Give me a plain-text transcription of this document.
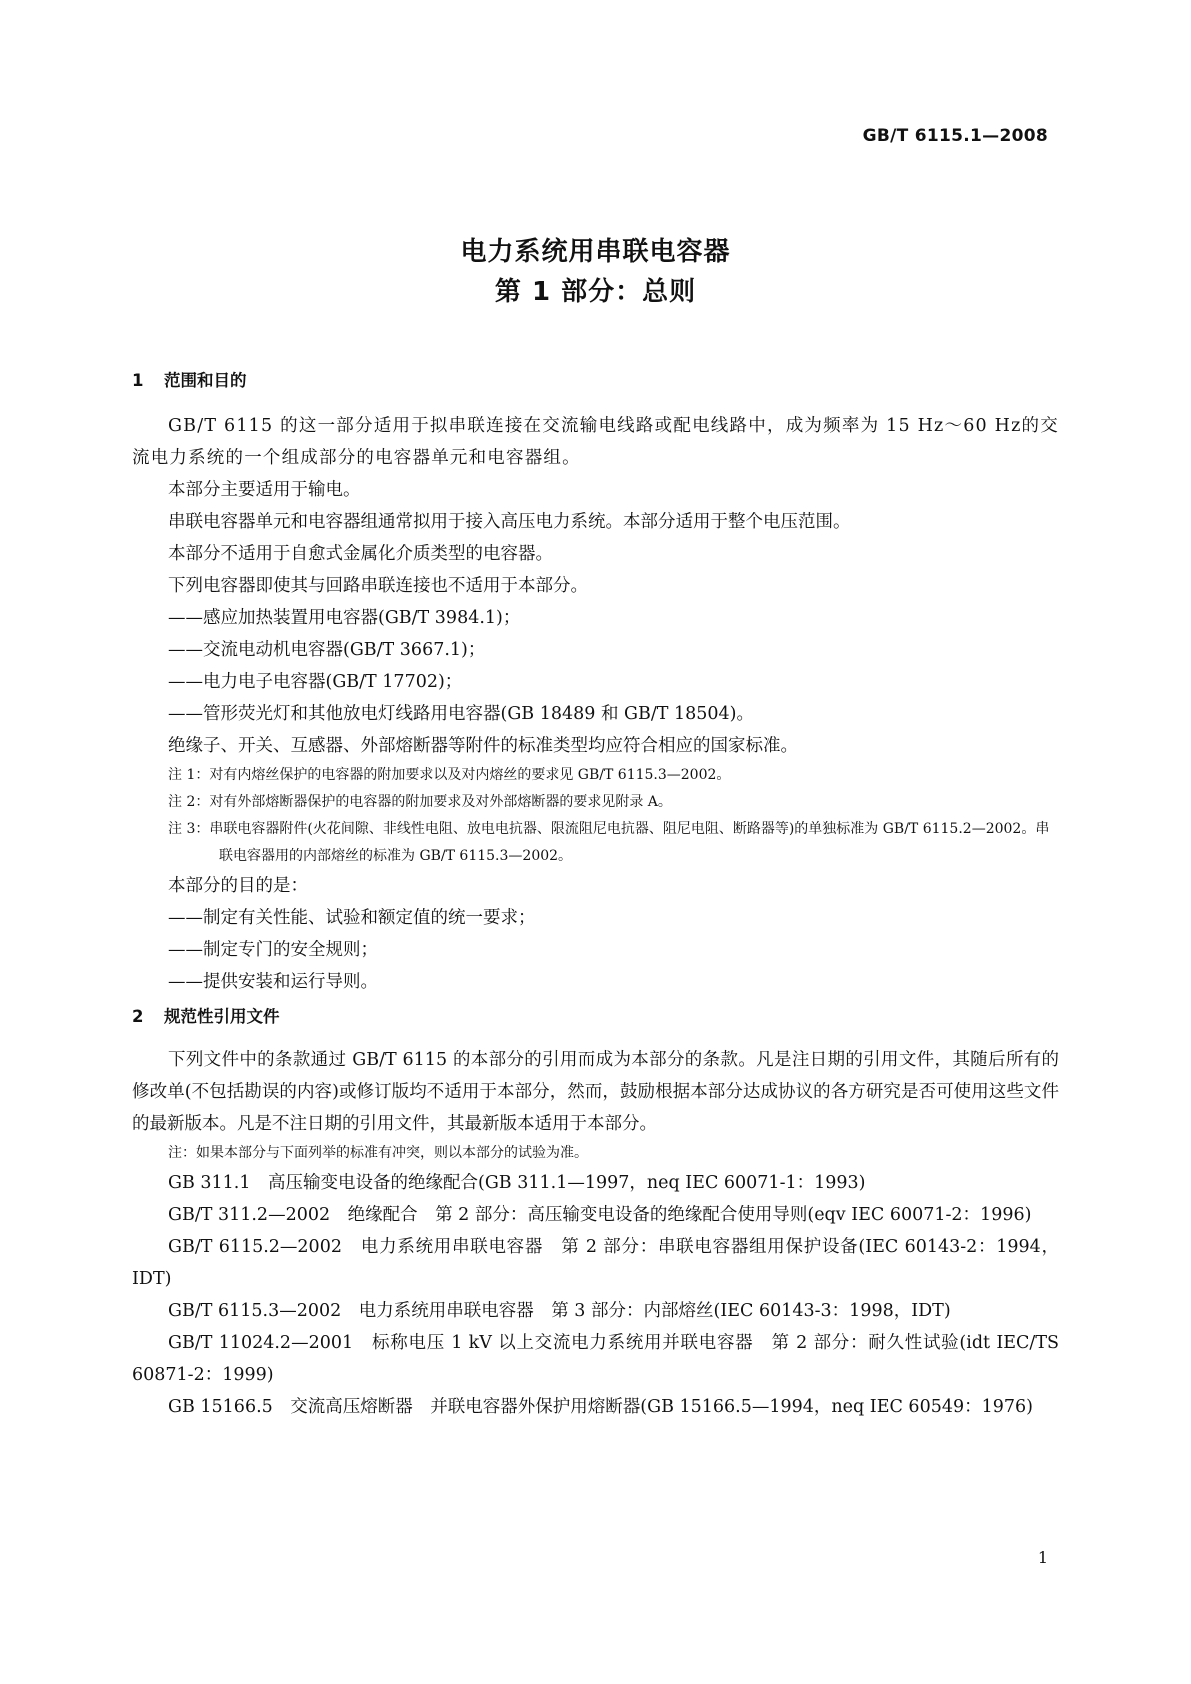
GB/T 6115.1—2008
电力系统用串联电容器
第 1 部分：总则
1 范围和目的

GB/T 6115 的这一部分适用于拟串联连接在交流输电线路或配电线路中，成为频率为 15 Hz～60 Hz的交流电力系统的一个组成部分的电容器单元和电容器组。

本部分主要适用于输电。

串联电容器单元和电容器组通常拟用于接入高压电力系统。本部分适用于整个电压范围。

本部分不适用于自愈式金属化介质类型的电容器。

下列电容器即使其与回路串联连接也不适用于本部分。

——感应加热装置用电容器(GB/T 3984.1)；

——交流电动机电容器(GB/T 3667.1)；

——电力电子电容器(GB/T 17702)；

——管形荧光灯和其他放电灯线路用电容器(GB 18489 和 GB/T 18504)。

绝缘子、开关、互感器、外部熔断器等附件的标准类型均应符合相应的国家标准。

注 1：对有内熔丝保护的电容器的附加要求以及对内熔丝的要求见 GB/T 6115.3—2002。

注 2：对有外部熔断器保护的电容器的附加要求及对外部熔断器的要求见附录 A。

注 3：串联电容器附件(火花间隙、非线性电阻、放电电抗器、限流阻尼电抗器、阻尼电阻、断路器等)的单独标准为 GB/T 6115.2—2002。串联电容器用的内部熔丝的标准为 GB/T 6115.3—2002。

本部分的目的是：

——制定有关性能、试验和额定值的统一要求；

——制定专门的安全规则；

——提供安装和运行导则。

2 规范性引用文件

下列文件中的条款通过 GB/T 6115 的本部分的引用而成为本部分的条款。凡是注日期的引用文件，其随后所有的修改单(不包括勘误的内容)或修订版均不适用于本部分，然而，鼓励根据本部分达成协议的各方研究是否可使用这些文件的最新版本。凡是不注日期的引用文件，其最新版本适用于本部分。

注：如果本部分与下面列举的标准有冲突，则以本部分的试验为准。

GB 311.1　高压输变电设备的绝缘配合(GB 311.1—1997，neq IEC 60071-1：1993)

GB/T 311.2—2002　绝缘配合　第 2 部分：高压输变电设备的绝缘配合使用导则(eqv IEC 60071-2：1996)

GB/T 6115.2—2002　电力系统用串联电容器　第 2 部分：串联电容器组用保护设备(IEC 60143-2：1994，IDT)

GB/T 6115.3—2002　电力系统用串联电容器　第 3 部分：内部熔丝(IEC 60143-3：1998，IDT)

GB/T 11024.2—2001　标称电压 1 kV 以上交流电力系统用并联电容器　第 2 部分：耐久性试验(idt IEC/TS 60871-2：1999)

GB 15166.5　交流高压熔断器　并联电容器外保护用熔断器(GB 15166.5—1994，neq IEC 60549：1976)

1
